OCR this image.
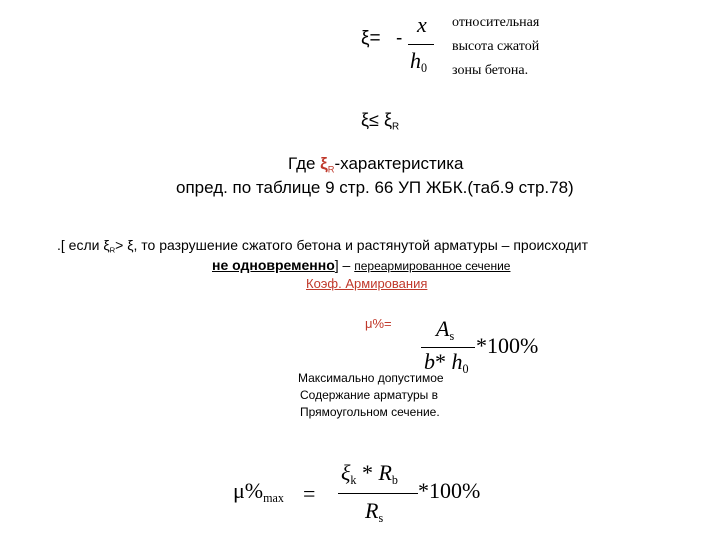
ξ= -
x
$h_0$
относительная
высота сжатой
зоны бетона.
$\xi\le \xi_R$
Где $\xi_R$-характеристика
опред. по таблице 9 стр. 66 УП ЖБК.(таб.9 стр.78)
.[ если $\xi_R> \xi$, то разрушение сжатого бетона и растянутой арматуры – происходит
не одновременно] – переармированное сечение
Коэф. Армирования
$\mu\%= A_s$
b* $h_0$
*100%
Максимально допустимое
Содержание арматуры в
Прямоугольном сечение.
$\mu\%_{max}$ =
$\xi_k * R_b$
$R_s$
*100%
